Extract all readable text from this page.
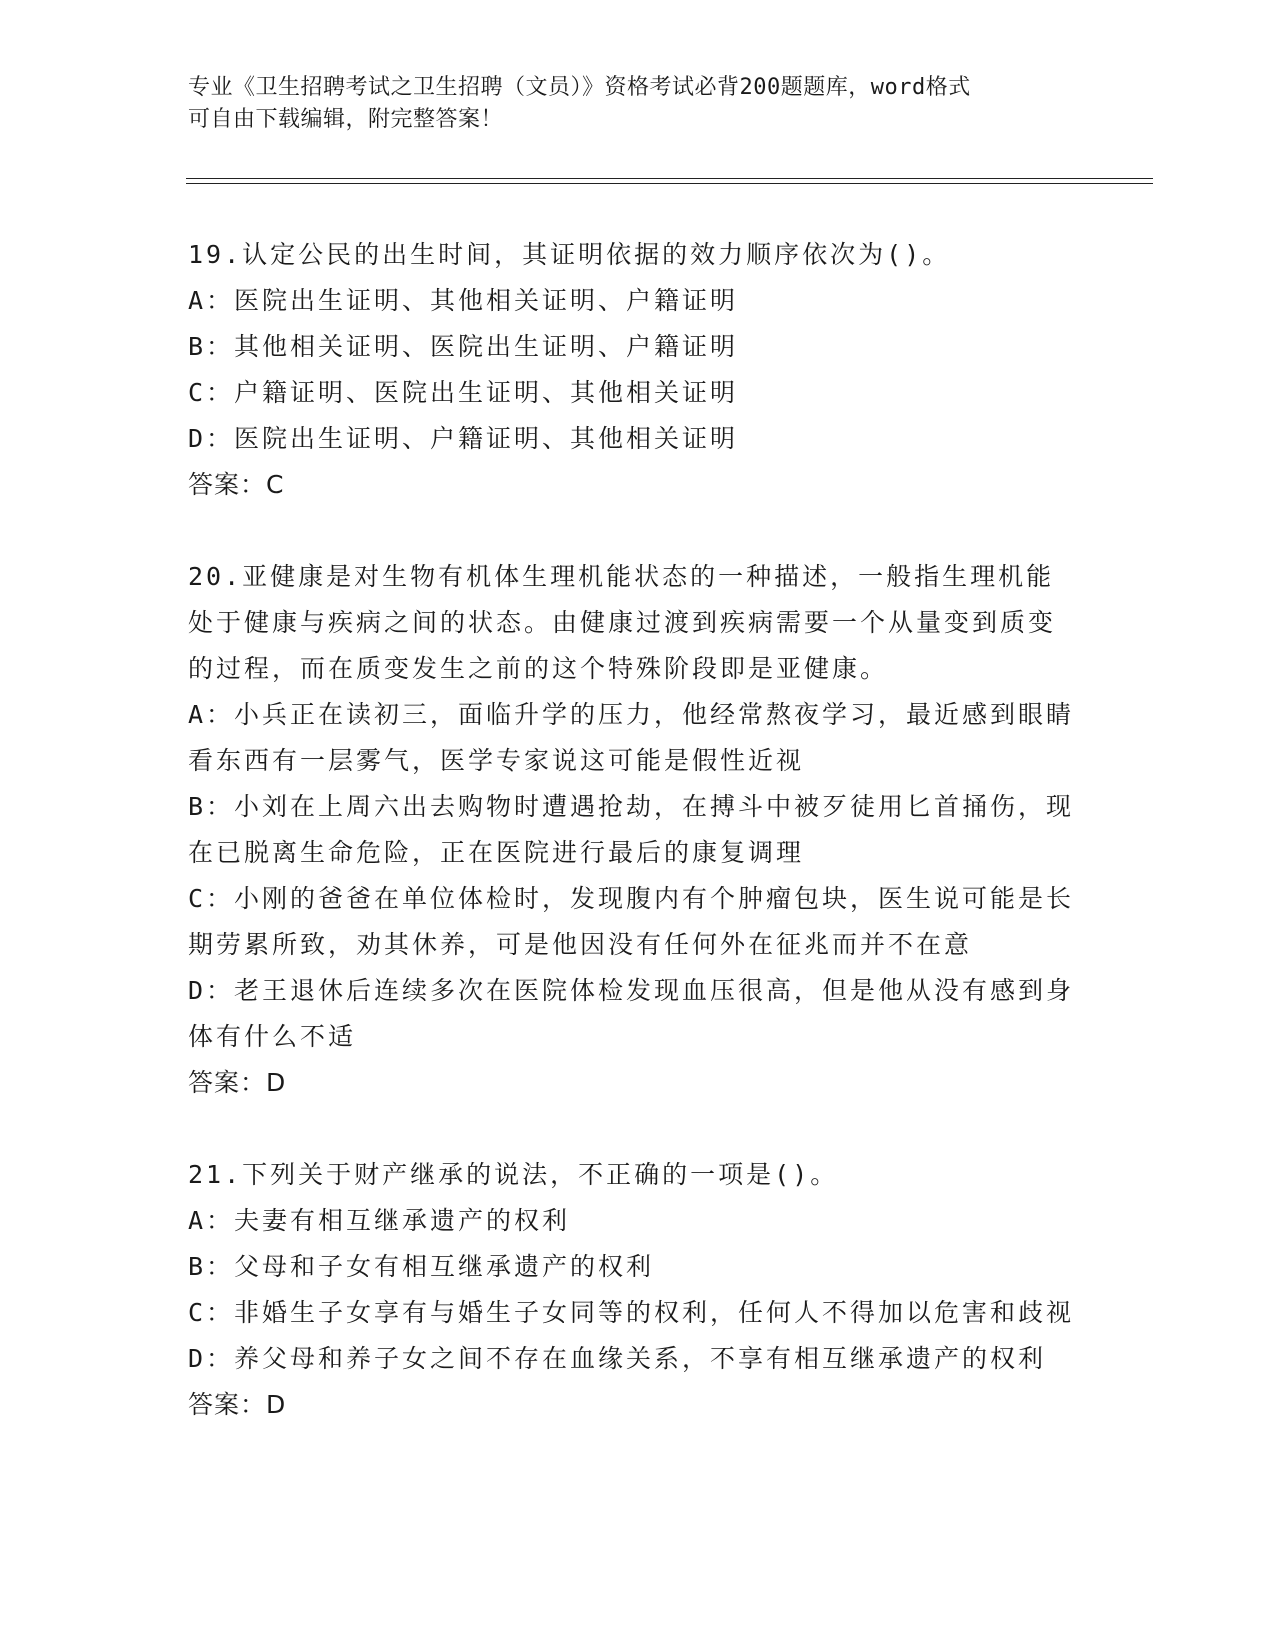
专业《卫生招聘考试之卫生招聘（文员）》资格考试必背200题题库，word格式
可自由下载编辑，附完整答案！
19.认定公民的出生时间，其证明依据的效力顺序依次为()。
A：医院出生证明、其他相关证明、户籍证明
B：其他相关证明、医院出生证明、户籍证明
C：户籍证明、医院出生证明、其他相关证明
D：医院出生证明、户籍证明、其他相关证明
答案：C
20.亚健康是对生物有机体生理机能状态的一种描述，一般指生理机能处于健康与疾病之间的状态。由健康过渡到疾病需要一个从量变到质变的过程，而在质变发生之前的这个特殊阶段即是亚健康。
A：小兵正在读初三，面临升学的压力，他经常熬夜学习，最近感到眼睛看东西有一层雾气，医学专家说这可能是假性近视
B：小刘在上周六出去购物时遭遇抢劫，在搏斗中被歹徒用匕首捅伤，现在已脱离生命危险，正在医院进行最后的康复调理
C：小刚的爸爸在单位体检时，发现腹内有个肿瘤包块，医生说可能是长期劳累所致，劝其休养，可是他因没有任何外在征兆而并不在意
D：老王退休后连续多次在医院体检发现血压很高，但是他从没有感到身体有什么不适
答案：D
21.下列关于财产继承的说法，不正确的一项是()。
A：夫妻有相互继承遗产的权利
B：父母和子女有相互继承遗产的权利
C：非婚生子女享有与婚生子女同等的权利，任何人不得加以危害和歧视
D：养父母和养子女之间不存在血缘关系，不享有相互继承遗产的权利
答案：D
